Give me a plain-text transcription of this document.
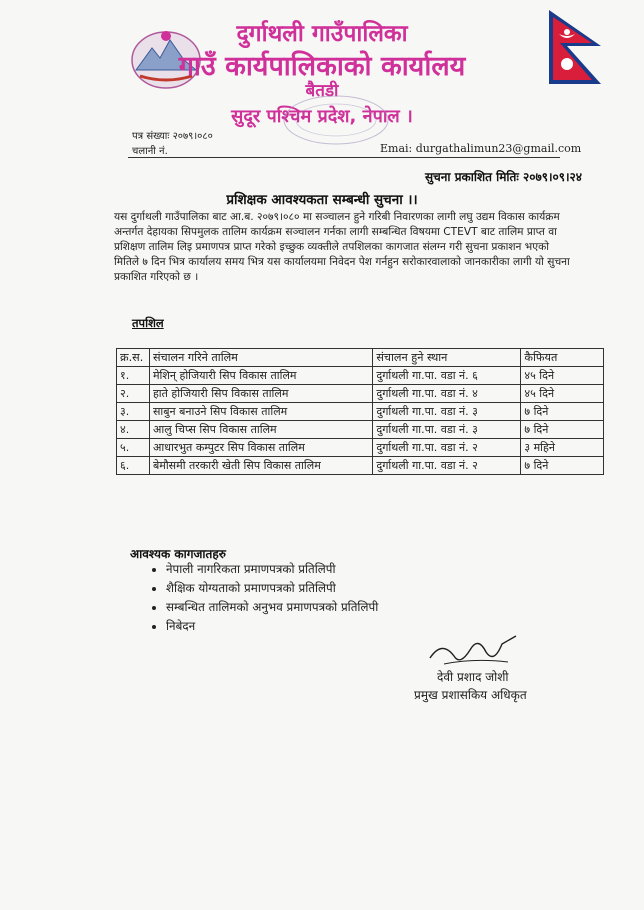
दुर्गाथली गाउँपालिका
गाउँ कार्यपालिकाको कार्यालय
बैतडी
सुदूर पश्चिम प्रदेश, नेपाल ।
पत्र संख्याः २०७९।०८०
चलानी नं.	Emai: durgathalimun23@gmail.com
सुचना प्रकाशित मितिः २०७९।०९।२४
प्रशिक्षक आवश्यकता सम्बन्धी सुचना ।।
यस दुर्गाथली गाउँपालिका बाट आ.ब. २०७९।०८० मा सञ्चालन हुने गरिबी निवारणका लागी लघु उद्यम विकास कार्यक्रम अन्तर्गत देहायका सिपमुलक तालिम कार्यक्रम सञ्चालन गर्नका लागी सम्बन्धित विषयमा CTEVT बाट तालिम प्राप्त वा प्रशिक्षण तालिम लिइ प्रमाणपत्र प्राप्त गरेको इच्छुक व्यक्तीले तपशिलका कागजात संलग्न गरी सुचना प्रकाशन भएको मितिले ७ दिन भित्र कार्यालय समय भित्र यस कार्यालयमा निवेदन पेश गर्नहुन सरोकारवालाको जानकारीका लागी यो सुचना प्रकाशित गरिएको छ ।
तपशिल
क्र.स.	संचालन गरिने तालिम	संचालन हुने स्थान	कैफियत
१.	मेशिन् होजियारी सिप विकास तालिम	दुर्गाथली गा.पा. वडा नं. ६	४५ दिने
२.	हाते होजियारी सिप विकास तालिम	दुर्गाथली गा.पा. वडा नं. ४	४५ दिने
३.	साबुन बनाउने सिप विकास तालिम	दुर्गाथली गा.पा. वडा नं. ३	७ दिने
४.	आलु चिप्स सिप विकास तालिम	दुर्गाथली गा.पा. वडा नं. ३	७ दिने
५.	आधारभुत कम्पुटर सिप विकास तालिम	दुर्गाथली गा.पा. वडा नं. २	३ महिने
६.	बेमौसमी तरकारी खेती सिप विकास तालिम	दुर्गाथली गा.पा. वडा नं. २	७ दिने
आवश्यक कागजातहरु
• नेपाली नागरिकता प्रमाणपत्रको प्रतिलिपी
• शैक्षिक योग्यताको प्रमाणपत्रको प्रतिलिपी
• सम्बन्धित तालिमको अनुभव प्रमाणपत्रको प्रतिलिपी
• निबेदन
देवी प्रशाद जोशी
प्रमुख प्रशासकिय अधिकृत
